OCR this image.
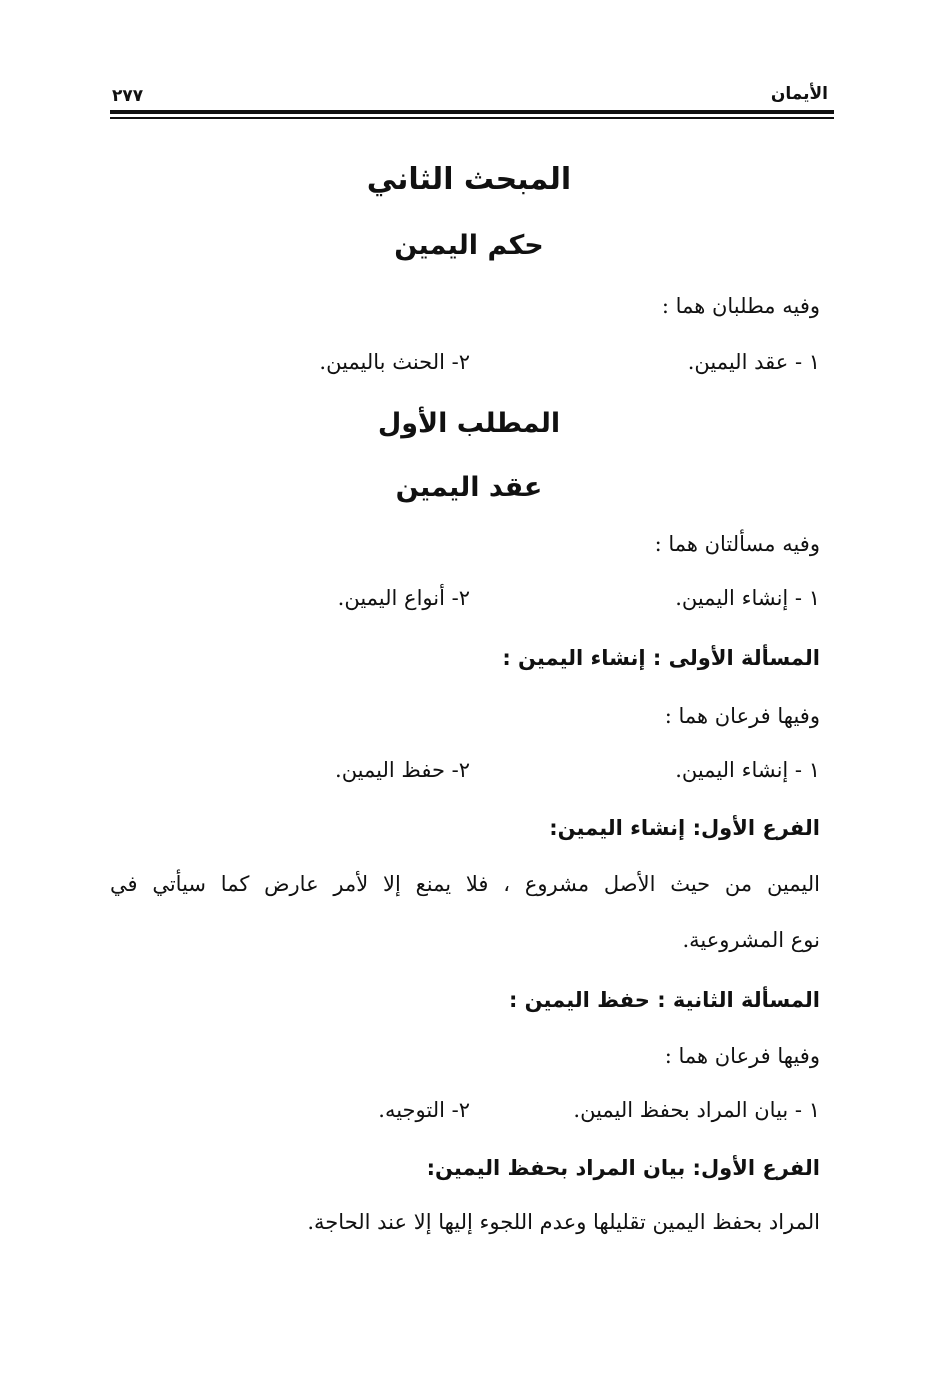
الأيمان
٢٧٧
المبحث الثاني
حكم اليمين
وفيه مطلبان هما :
١ - عقد اليمين.
٢- الحنث باليمين.
المطلب الأول
عقد اليمين
وفيه مسألتان هما :
١ - إنشاء اليمين.
٢- أنواع اليمين.
المسألة الأولى : إنشاء اليمين :
وفيها فرعان هما :
١ - إنشاء اليمين.
٢- حفظ اليمين.
الفرع الأول: إنشاء اليمين:
اليمين من حيث الأصل مشروع ، فلا يمنع إلا لأمر عارض كما سيأتي في
نوع المشروعية.
المسألة الثانية : حفظ اليمين :
وفيها فرعان هما :
١ - بيان المراد بحفظ اليمين.
٢- التوجيه.
الفرع الأول: بيان المراد بحفظ اليمين:
المراد بحفظ اليمين تقليلها وعدم اللجوء إليها إلا عند الحاجة.
